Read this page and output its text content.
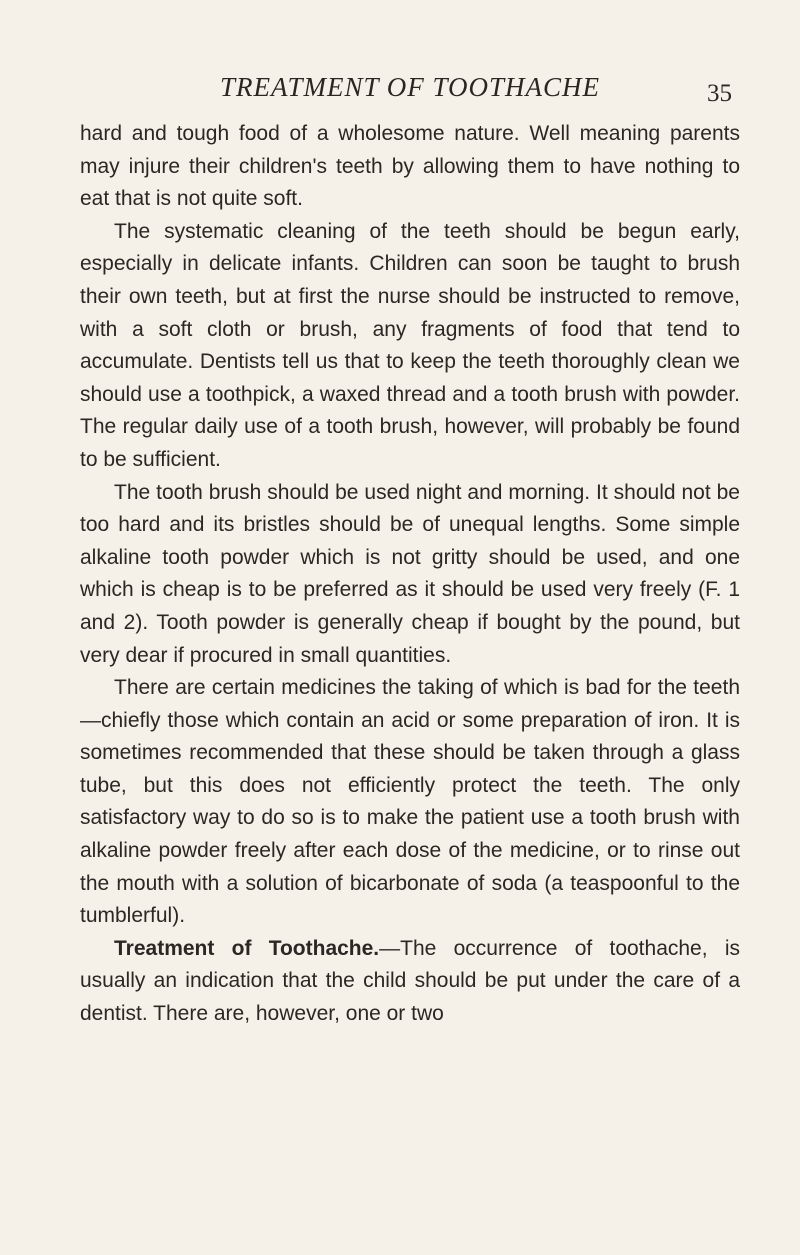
TREATMENT OF TOOTHACHE	35

hard and tough food of a wholesome nature. Well meaning parents may injure their children's teeth by allowing them to have nothing to eat that is not quite soft.

The systematic cleaning of the teeth should be begun early, especially in delicate infants. Children can soon be taught to brush their own teeth, but at first the nurse should be instructed to remove, with a soft cloth or brush, any fragments of food that tend to accumulate. Dentists tell us that to keep the teeth thoroughly clean we should use a toothpick, a waxed thread and a tooth brush with powder. The regular daily use of a tooth brush, however, will probably be found to be sufficient.

The tooth brush should be used night and morning. It should not be too hard and its bristles should be of unequal lengths. Some simple alkaline tooth powder which is not gritty should be used, and one which is cheap is to be preferred as it should be used very freely (F. 1 and 2). Tooth powder is generally cheap if bought by the pound, but very dear if procured in small quantities.

There are certain medicines the taking of which is bad for the teeth—chiefly those which contain an acid or some preparation of iron. It is sometimes recommended that these should be taken through a glass tube, but this does not efficiently protect the teeth. The only satisfactory way to do so is to make the patient use a tooth brush with alkaline powder freely after each dose of the medicine, or to rinse out the mouth with a solution of bicarbonate of soda (a teaspoonful to the tumblerful).

Treatment of Toothache.—The occurrence of toothache, is usually an indication that the child should be put under the care of a dentist. There are, however, one or two
